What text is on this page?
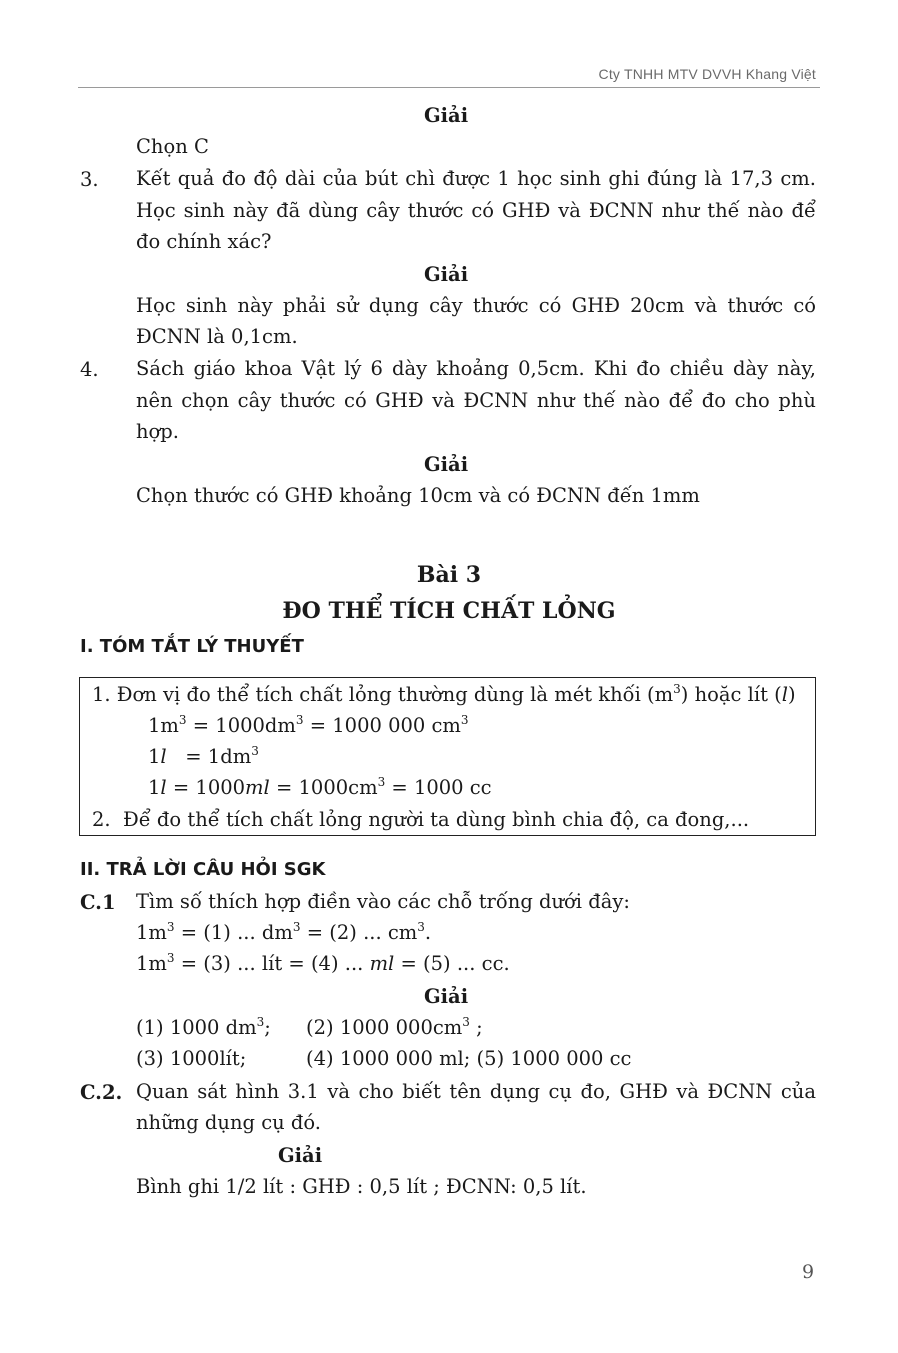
Cty TNHH MTV DVVH Khang Việt
Giải
Chọn C
3. Kết quả đo độ dài của bút chì được 1 học sinh ghi đúng là 17,3 cm.
Học sinh này đã dùng cây thước có GHĐ và ĐCNN như thế nào để
đo chính xác?
Giải
Học sinh này phải sử dụng cây thước có GHĐ 20cm và thước có
ĐCNN là 0,1cm.
4. Sách giáo khoa Vật lý 6 dày khoảng 0,5cm. Khi đo chiều dày này,
nên chọn cây thước có GHĐ và ĐCNN như thế nào để đo cho phù
hợp.
Giải
Chọn thước có GHĐ khoảng 10cm và có ĐCNN đến 1mm
Bài 3
ĐO THỂ TÍCH CHẤT LỎNG
I. TÓM TẮT LÝ THUYẾT
1. Đơn vị đo thể tích chất lỏng thường dùng là mét khối $(m^3)$ hoặc lít (l)
$1m^3 = 1000dm^3 = 1000$ 000 $cm^3$
$1l = 1dm^3$
$1l = 1000ml = 1000cm^3 = 1000$ cc
2.  Để đo thể tích chất lỏng người ta dùng bình chia độ, ca đong,...
II. TRẢ LỜI CÂU HỎI SGK
C.1 Tìm số thích hợp điền vào các chỗ trống dưới đây:
$1m^3 = (1)$ ... $dm^3 = (2)$ ... $cm^3$.
$1m^3 = (3)$ ... lít = (4) ... ml = (5) ... cc.
Giải
(1) 1000 $dm^3$; (2) 1000 $000cm^3$ ;
(3) 1000lít;	(4) 1000 000 ml; (5) 1000 000 cc
C.2. Quan sát hình 3.1 và cho biết tên dụng cụ đo, GHĐ và ĐCNN của
những dụng cụ đó.
Giải
Bình ghi 1/2 lít : GHĐ : 0,5 lít ; ĐCNN: 0,5 lít.
9
